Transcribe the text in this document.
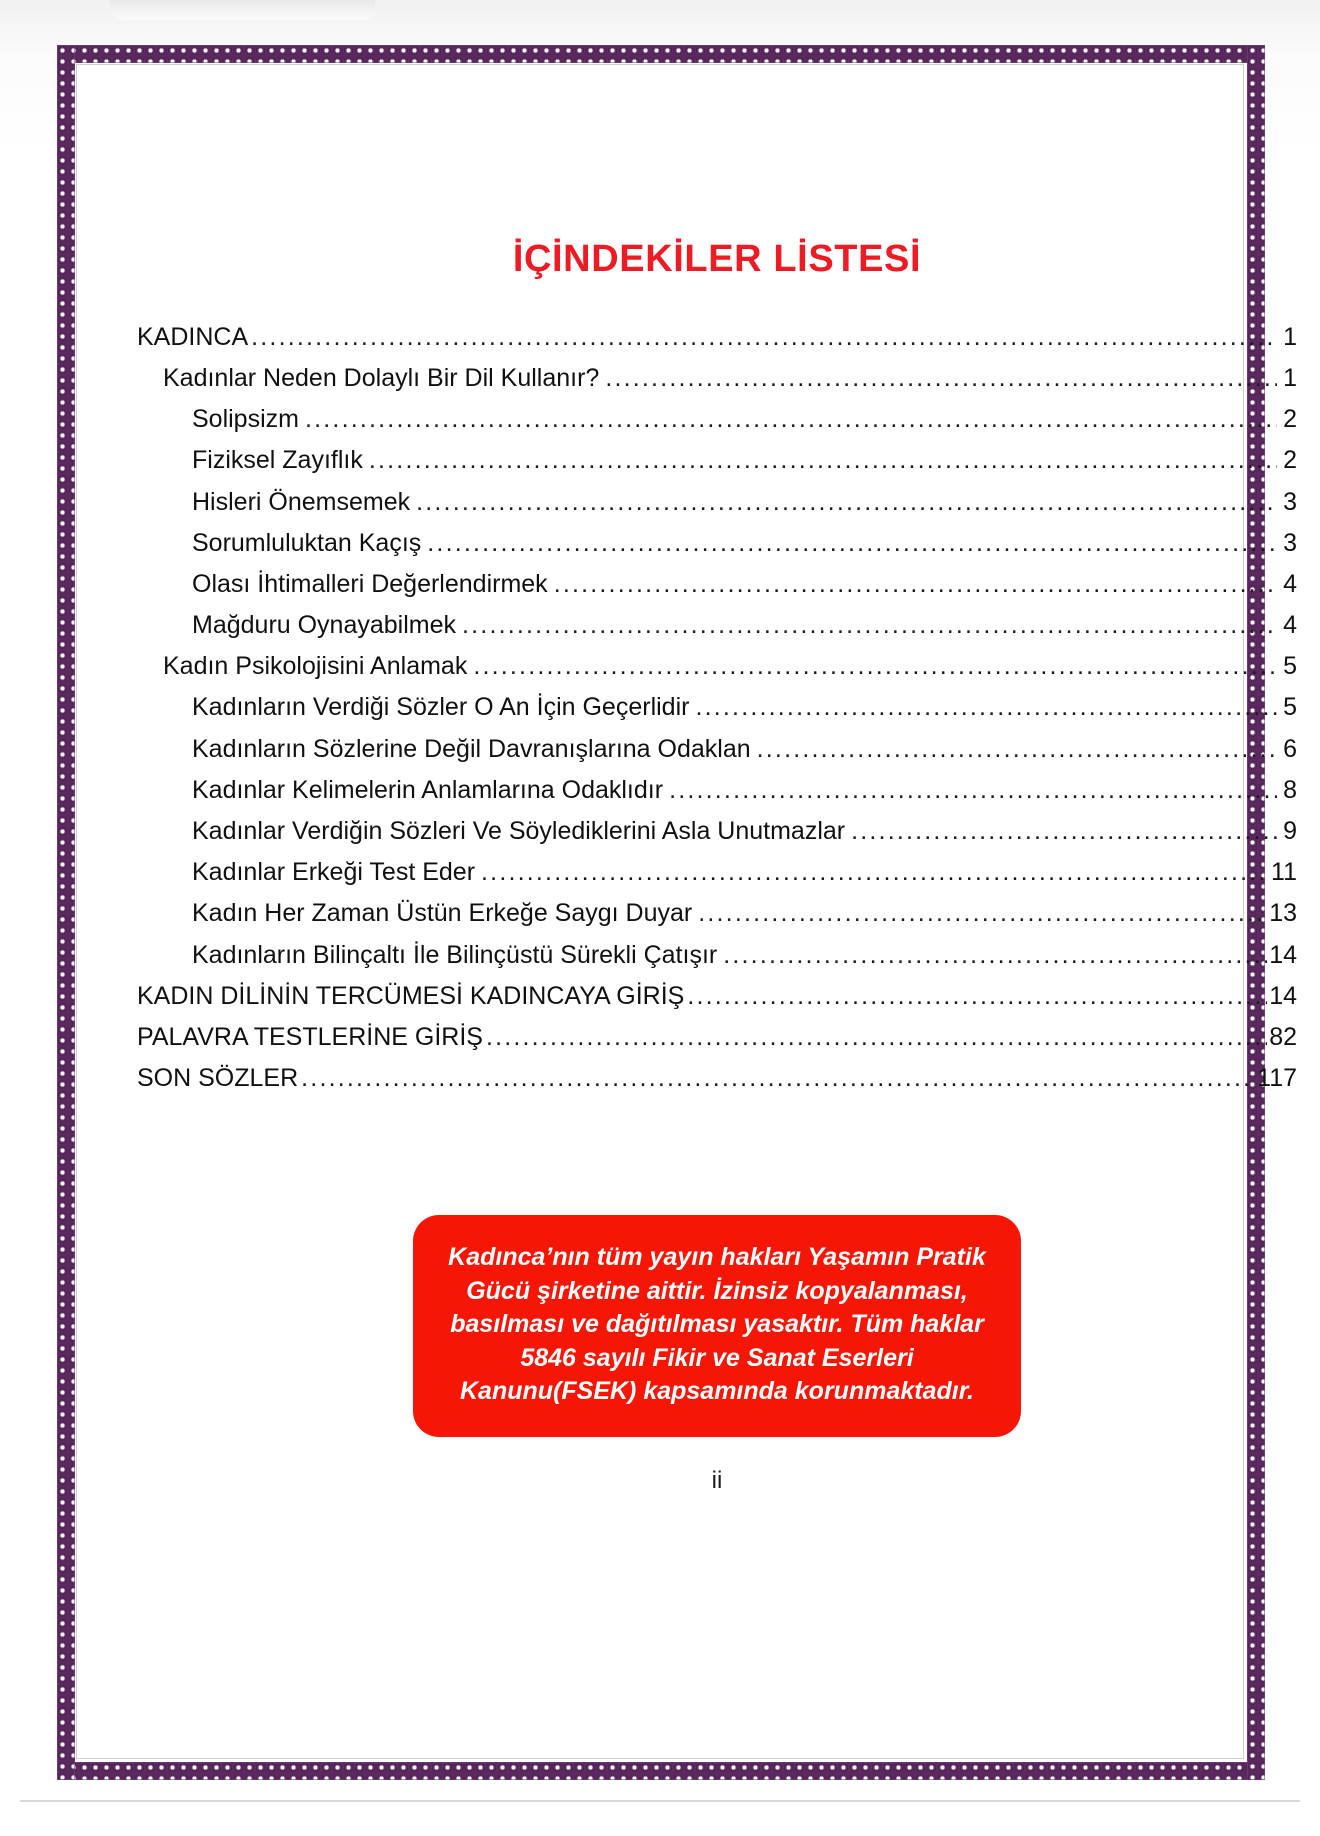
İÇİNDEKİLER LİSTESİ
KADINCA .....	1
Kadınlar Neden Dolaylı Bir Dil Kullanır? .....	1
Solipsizm .....	2
Fiziksel Zayıflık .....	2
Hisleri Önemsemek .....	3
Sorumluluktan Kaçış .....	3
Olası İhtimalleri Değerlendirmek .....	4
Mağduru Oynayabilmek .....	4
Kadın Psikolojisini Anlamak .....	5
Kadınların Verdiği Sözler O An İçin Geçerlidir .....	5
Kadınların Sözlerine Değil Davranışlarına Odaklan .....	6
Kadınlar Kelimelerin Anlamlarına Odaklıdır .....	8
Kadınlar Verdiğin Sözleri Ve Söylediklerini Asla Unutmazlar .....	9
Kadınlar Erkeği Test Eder .....	11
Kadın Her Zaman Üstün Erkeğe Saygı Duyar .....	13
Kadınların Bilinçaltı İle Bilinçüstü Sürekli Çatışır .....	14
KADIN DİLİNİN TERCÜMESİ KADINCAYA GİRİŞ .....	14
PALAVRA TESTLERİNE GİRİŞ .....	82
SON SÖZLER .....	117
Kadınca’nın tüm yayın hakları Yaşamın Pratik Gücü şirketine aittir. İzinsiz kopyalanması, basılması ve dağıtılması yasaktır. Tüm haklar 5846 sayılı Fikir ve Sanat Eserleri Kanunu(FSEK) kapsamında korunmaktadır.
ii
